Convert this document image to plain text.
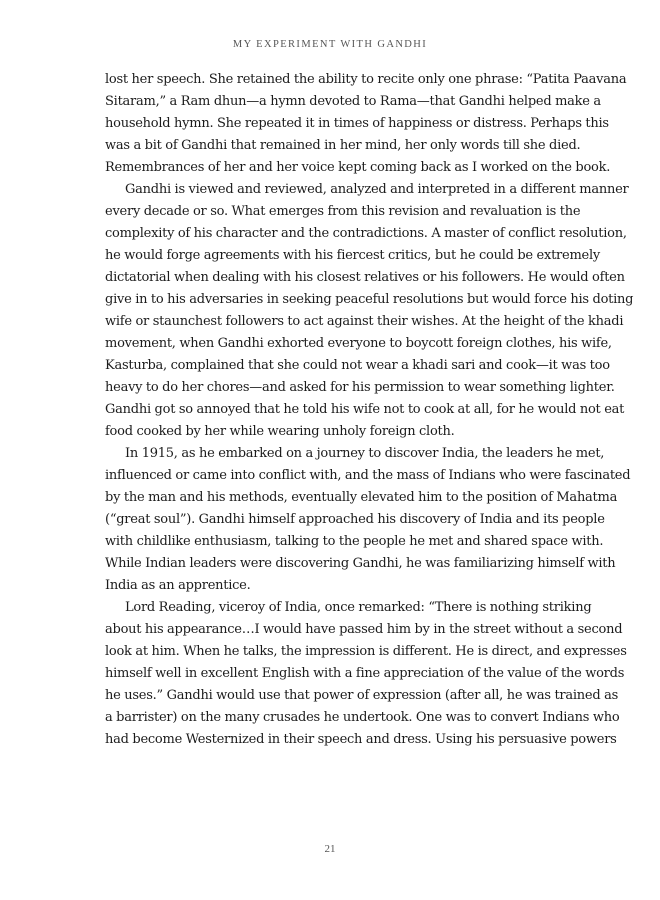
MY EXPERIMENT WITH GANDHI
lost her speech. She retained the ability to recite only one phrase: “Patita Paavana
Sitaram,” a Ram dhun—a hymn devoted to Rama—that Gandhi helped make a
household hymn. She repeated it in times of happiness or distress. Perhaps this
was a bit of Gandhi that remained in her mind, her only words till she died.
Remembrances of her and her voice kept coming back as I worked on the book.
Gandhi is viewed and reviewed, analyzed and interpreted in a different manner
every decade or so. What emerges from this revision and revaluation is the
complexity of his character and the contradictions. A master of conflict resolution,
he would forge agreements with his fiercest critics, but he could be extremely
dictatorial when dealing with his closest relatives or his followers. He would often
give in to his adversaries in seeking peaceful resolutions but would force his doting
wife or staunchest followers to act against their wishes. At the height of the khadi
movement, when Gandhi exhorted everyone to boycott foreign clothes, his wife,
Kasturba, complained that she could not wear a khadi sari and cook—it was too
heavy to do her chores—and asked for his permission to wear something lighter.
Gandhi got so annoyed that he told his wife not to cook at all, for he would not eat
food cooked by her while wearing unholy foreign cloth.
In 1915, as he embarked on a journey to discover India, the leaders he met,
influenced or came into conflict with, and the mass of Indians who were fascinated
by the man and his methods, eventually elevated him to the position of Mahatma
(“great soul”). Gandhi himself approached his discovery of India and its people
with childlike enthusiasm, talking to the people he met and shared space with.
While Indian leaders were discovering Gandhi, he was familiarizing himself with
India as an apprentice.
Lord Reading, viceroy of India, once remarked: “There is nothing striking
about his appearance…I would have passed him by in the street without a second
look at him. When he talks, the impression is different. He is direct, and expresses
himself well in excellent English with a fine appreciation of the value of the words
he uses.” Gandhi would use that power of expression (after all, he was trained as
a barrister) on the many crusades he undertook. One was to convert Indians who
had become Westernized in their speech and dress. Using his persuasive powers
21
